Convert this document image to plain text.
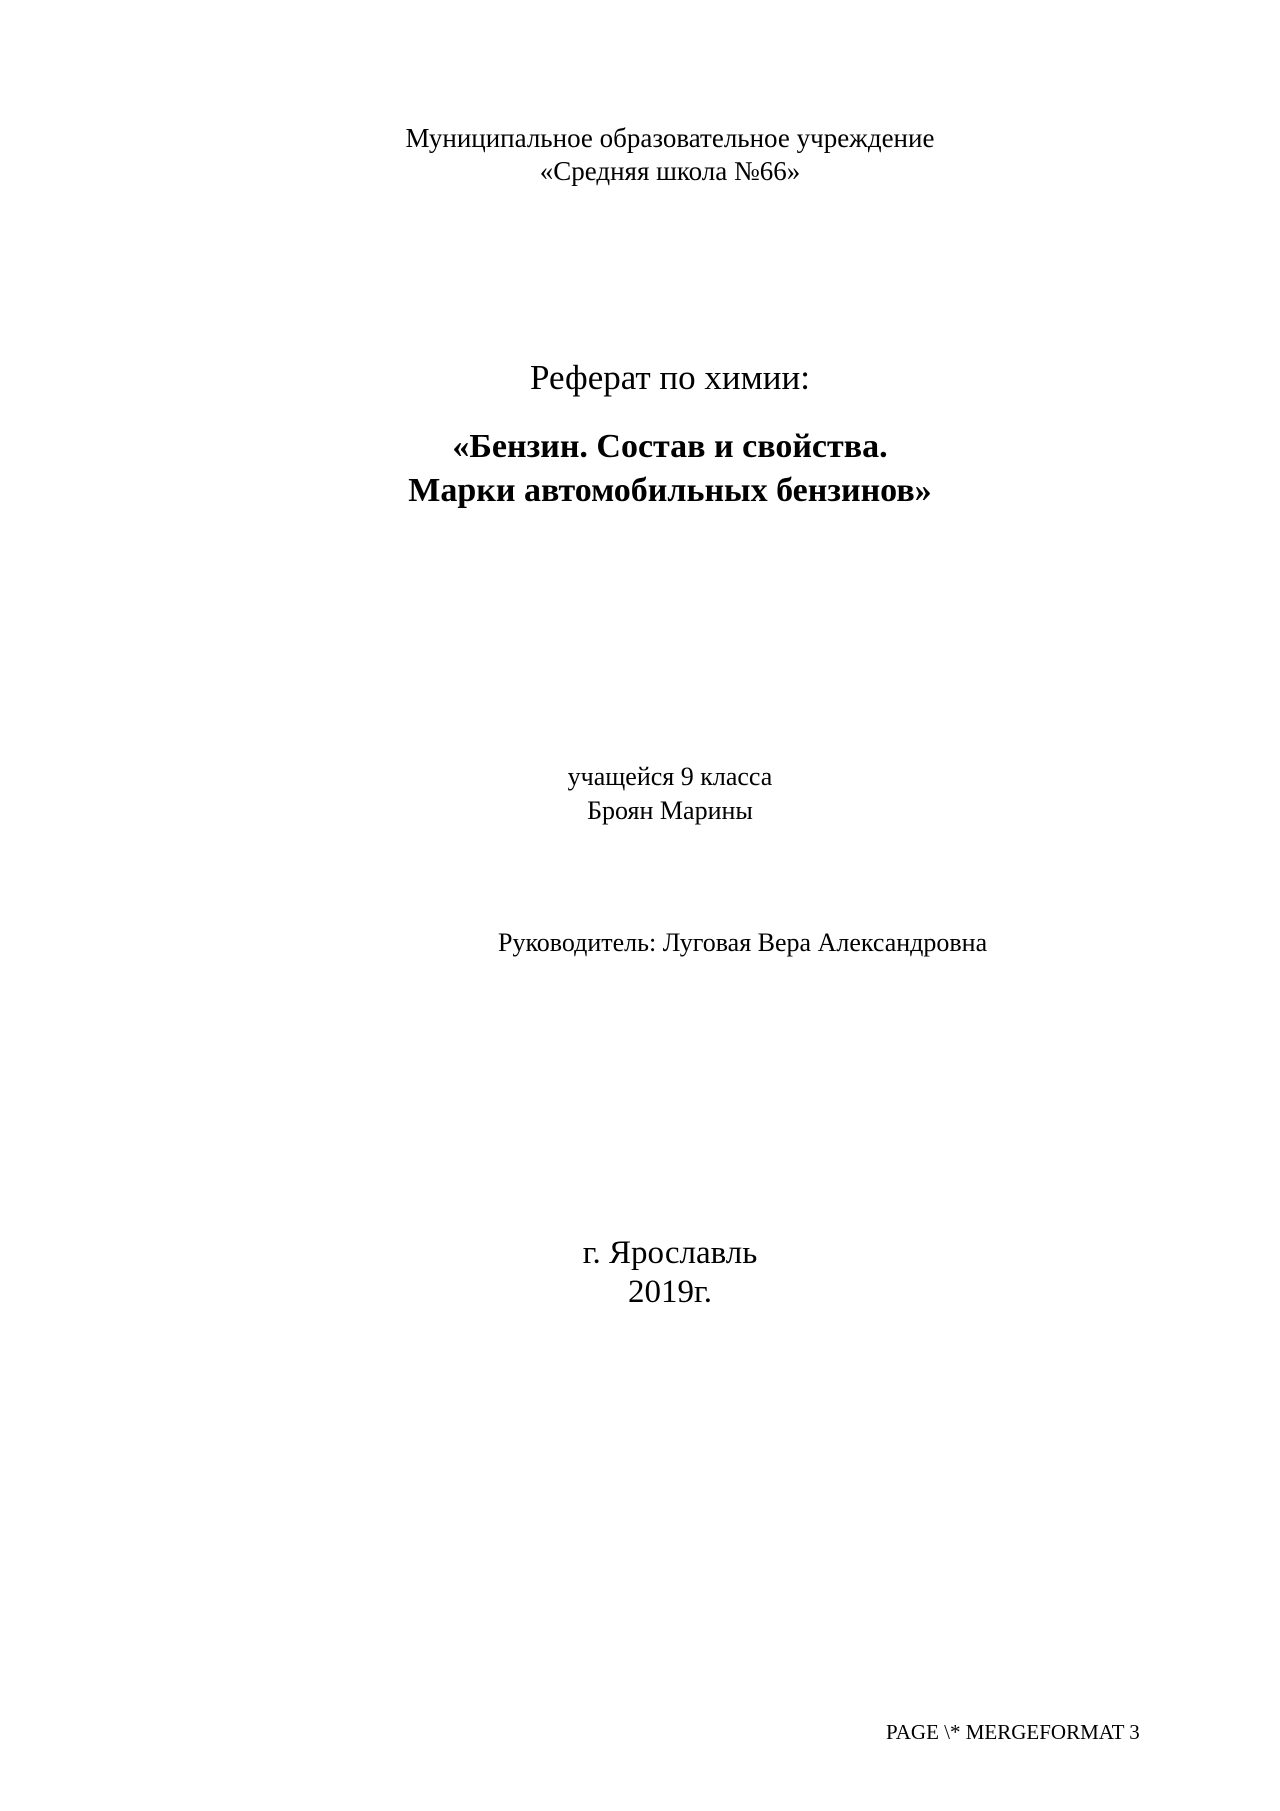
Муниципальное образовательное учреждение
«Средняя школа №66»
Реферат по химии:
«Бензин. Состав и свойства.
Марки автомобильных бензинов»
учащейся 9 класса
Броян Марины
Руководитель: Луговая Вера Александровна
г. Ярославль
2019г.
PAGE \* MERGEFORMAT 3
